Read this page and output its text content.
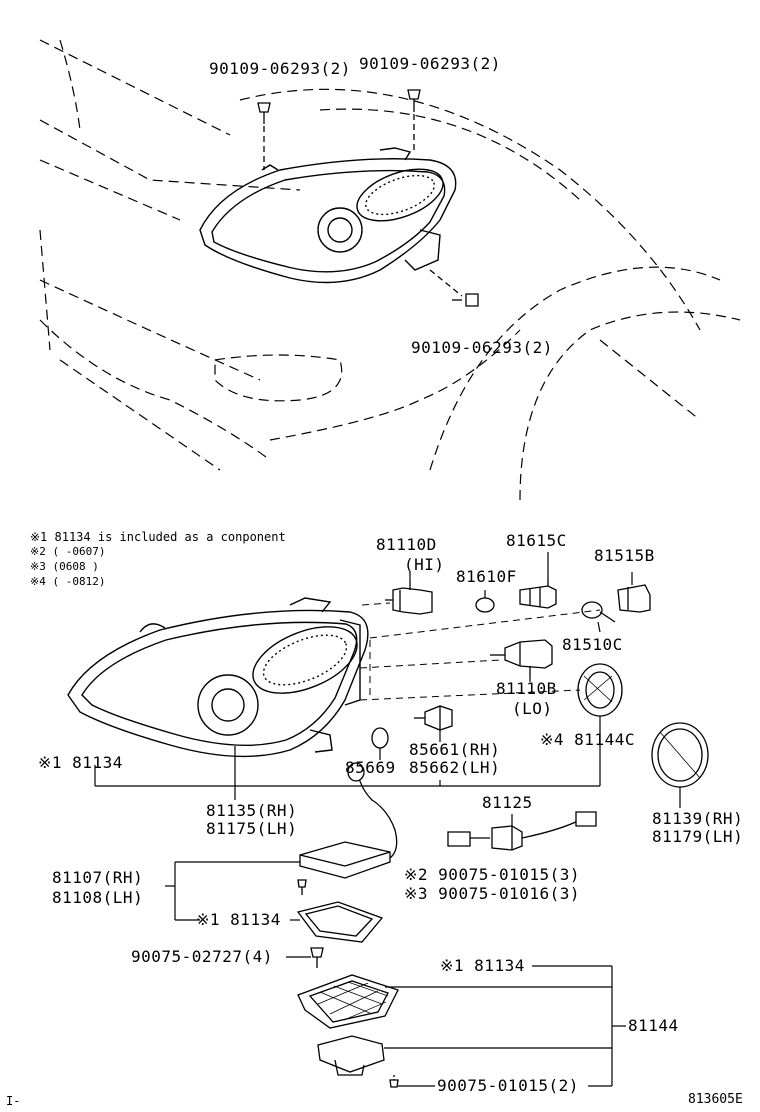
90109-06293(2) 90109-06293(2)
90109-06293(2)
※1 81134 is included as a conponent
※2 ( -0607)
※3 (0608 )
※4 ( -0812)
81110D
(HI)
81615C
81610F
81515B
81510C
81110B
(LO)
※4 81144C
※1 81134
85661(RH)
85669 85662(LH)
81135(RH)
81175(LH)
81125
81139(RH)
81179(LH)
81107(RH)
81108(LH)
※2 90075-01015(3)
※3 90075-01016(3)
※1 81134
90075-02727(4)	※1 81134
81144
90075-01015(2)
I-	813605E
